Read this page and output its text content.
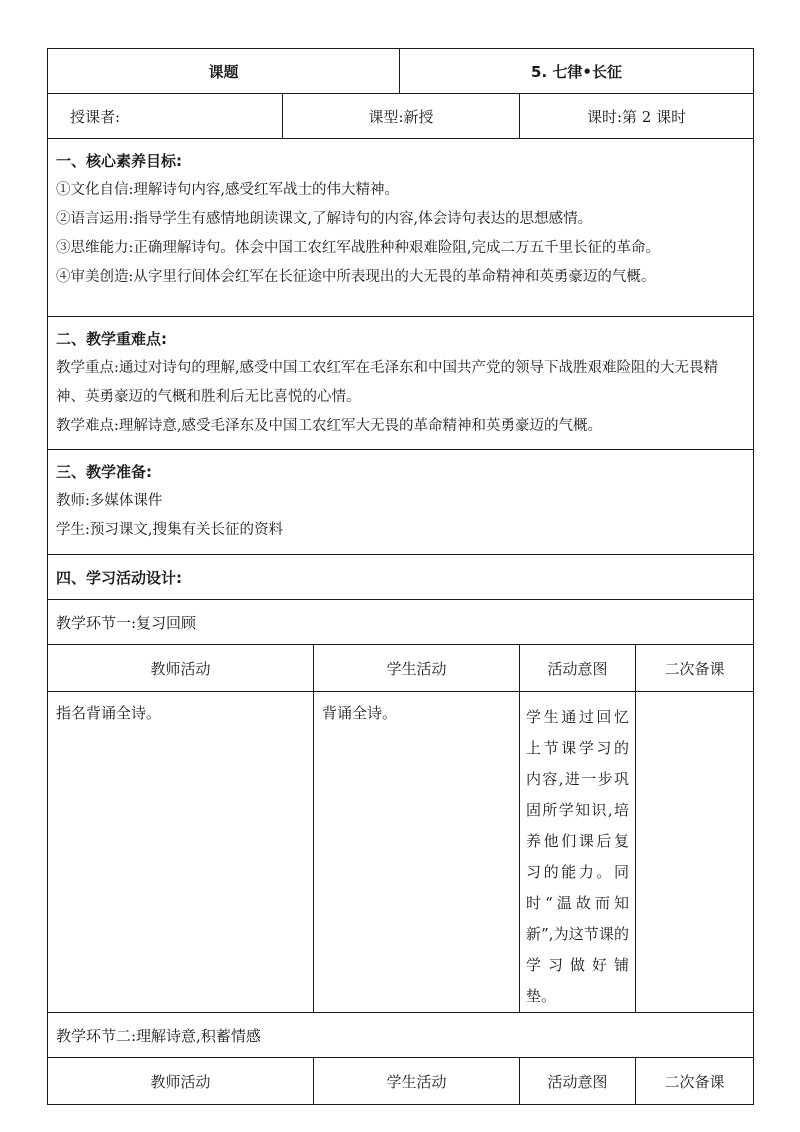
课题			5. 七律•长征		
授课者:	课型:新授			课时:第 2 课时	

一、核心素养目标:
①文化自信:理解诗句内容,感受红军战士的伟大精神。
②语言运用:指导学生有感情地朗读课文,了解诗句的内容,体会诗句表达的思想感情。
③思维能力:正确理解诗句。体会中国工农红军战胜种种艰难险阻,完成二万五千里长征的革命。
④审美创造:从字里行间体会红军在长征途中所表现出的大无畏的革命精神和英勇豪迈的气概。					

二、教学重难点:
教学重点:通过对诗句的理解,感受中国工农红军在毛泽东和中国共产党的领导下战胜艰难险阻的大无畏精神、英勇豪迈的气概和胜利后无比喜悦的心情。
教学难点:理解诗意,感受毛泽东及中国工农红军大无畏的革命精神和英勇豪迈的气概。					

三、教学准备:
教师:多媒体课件
学生:预习课文,搜集有关长征的资料					

四、学习活动设计:					
教学环节一:复习回顾					
教师活动		学生活动		活动意图	二次备课
指名背诵全诗。		背诵全诗。		学生通过回忆上节课学习的内容,进一步巩固所学知识,培养他们课后复习的能力。同时“温故而知新”,为这节课的学习做好铺垫。	
教学环节二:理解诗意,积蓄情感					
教师活动		学生活动		活动意图	二次备课
